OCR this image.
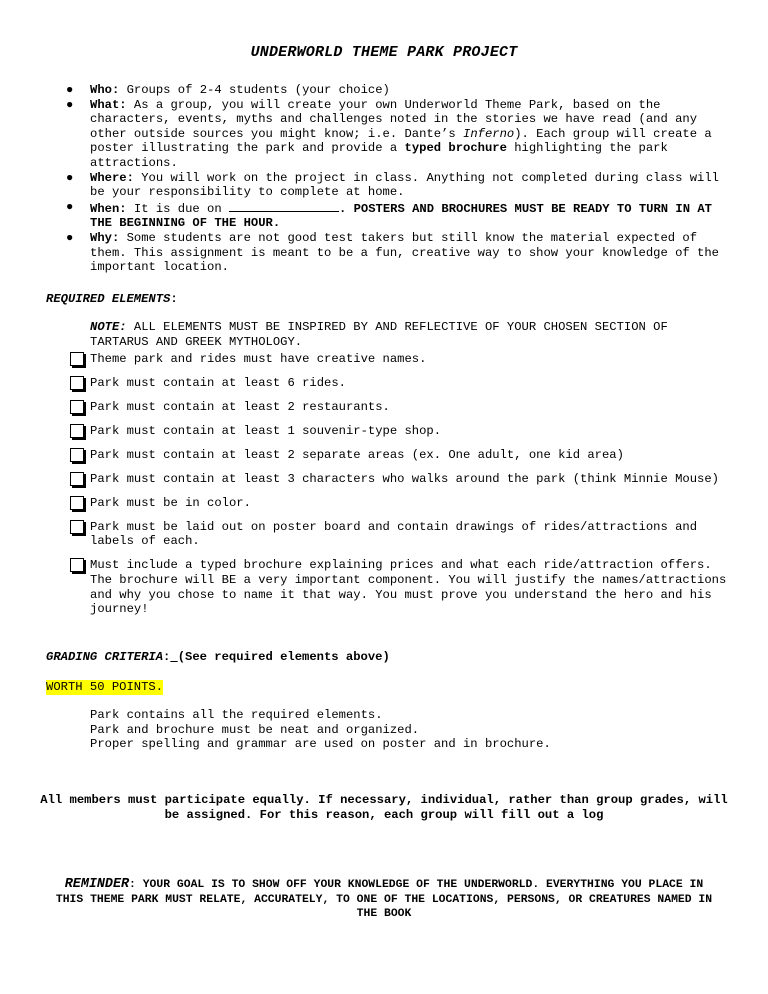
UNDERWORLD THEME PARK PROJECT
● Who: Groups of 2-4 students (your choice)
● What: As a group, you will create your own Underworld Theme Park, based on the characters, events, myths and challenges noted in the stories we have read (and any other outside sources you might know; i.e. Dante’s Inferno). Each group will create a poster illustrating the park and provide a typed brochure highlighting the park attractions.
● Where: You will work on the project in class. Anything not completed during class will be your responsibility to complete at home.
● When: It is due on	. POSTERS AND BROCHURES MUST BE READY TO TURN IN AT THE BEGINNING OF THE HOUR.
● Why: Some students are not good test takers but still know the material expected of them. This assignment is meant to be a fun, creative way to show your knowledge of the important location.
REQUIRED ELEMENTS:
NOTE: ALL ELEMENTS MUST BE INSPIRED BY AND REFLECTIVE OF YOUR CHOSEN SECTION OF TARTARUS AND GREEK MYTHOLOGY.
Theme park and rides must have creative names.
Park must contain at least 6 rides.
Park must contain at least 2 restaurants.
Park must contain at least 1 souvenir-type shop.
Park must contain at least 2 separate areas (ex. One adult, one kid area)
Park must contain at least 3 characters who walks around the park (think Minnie Mouse)
Park must be in color.
Park must be laid out on poster board and contain drawings of rides/attractions and labels of each.
Must include a typed brochure explaining prices and what each ride/attraction offers. The brochure will BE a very important component. You will justify the names/attractions and why you chose to name it that way. You must prove you understand the hero and his journey!
GRADING CRITERIA: (See required elements above)
WORTH 50 POINTS.
Park contains all the required elements.
Park and brochure must be neat and organized.
Proper spelling and grammar are used on poster and in brochure.
All members must participate equally. If necessary, individual, rather than group grades, will be assigned. For this reason, each group will fill out a log
REMINDER: YOUR GOAL IS TO SHOW OFF YOUR KNOWLEDGE OF THE UNDERWORLD. EVERYTHING YOU PLACE IN THIS THEME PARK MUST RELATE, ACCURATELY, TO ONE OF THE LOCATIONS, PERSONS, OR CREATURES NAMED IN THE BOOK
